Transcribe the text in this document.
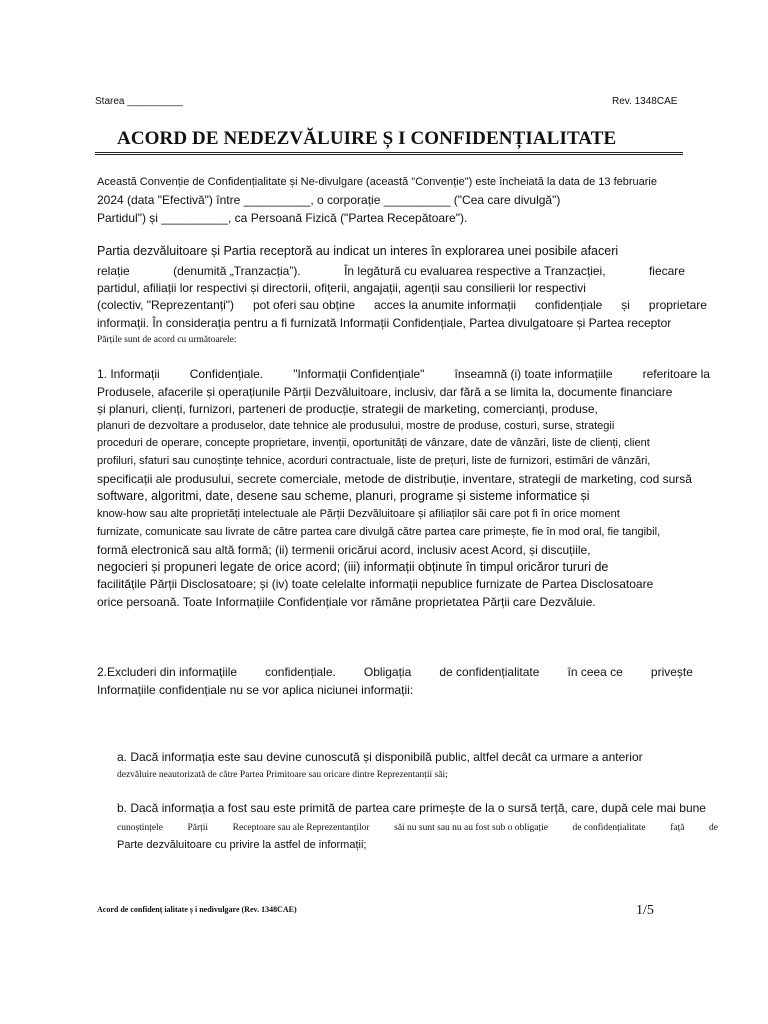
Starea __________	Rev. 1348CAE
ACORD DE NEDEZVĂLUIRE Ș I CONFIDENȚIALITATE
Această Convenție de Confidențialitate și Ne-divulgare (această "Convenție") este încheiată la data de 13 februarie
2024 (data "Efectivă") între __________, o corporație __________ ("Cea care divulgă")
Partidul") și __________, ca Persoană Fizică ("Partea Recepătoare").
Partia dezvăluitoare și Partia receptoră au indicat un interes în explorarea unei posibile afaceri
relație	(denumită „Tranzacția”).	În legătură cu evaluarea respective a Tranzacției,	fiecare
partidul, afiliații lor respectivi și directorii, ofițerii, angajații, agenții sau consilierii lor respectivi
(colectiv, "Reprezentanți") pot oferi sau obține acces la anumite informații confidențiale și proprietare
informații. În considerația pentru a fi furnizată Informații Confidențiale, Partea divulgatoare și Partea receptor
Părțile sunt de acord cu următoarele:
1. Informații	Confidențiale.	"Informații Confidențiale"	înseamnă (i) toate informațiile	referitoare la
Produsele, afacerile și operațiunile Părții Dezvăluitoare, inclusiv, dar fără a se limita la, documente financiare
și planuri, clienți, furnizori, parteneri de producție, strategii de marketing, comercianți, produse,
planuri de dezvoltare a produselor, date tehnice ale produsului, mostre de produse, costuri, surse, strategii
proceduri de operare, concepte proprietare, invenții, oportunități de vânzare, date de vânzări, liste de clienți, client
profiluri, sfaturi sau cunoștințe tehnice, acorduri contractuale, liste de prețuri, liste de furnizori, estimări de vânzări,
specificații ale produsului, secrete comerciale, metode de distribuție, inventare, strategii de marketing, cod sursă
software, algoritmi, date, desene sau scheme, planuri, programe și sisteme informatice și
know-how sau alte proprietăți intelectuale ale Părții Dezvăluitoare și afiliaților săi care pot fi în orice moment
furnizate, comunicate sau livrate de către partea care divulgă către partea care primește, fie în mod oral, fie tangibil,
formă electronică sau altă formă; (ii) termenii oricărui acord, inclusiv acest Acord, și discuțiile,
negocieri și propuneri legate de orice acord; (iii) informații obținute în timpul oricăror tururi de
facilitățile Părții Disclosatoare; și (iv) toate celelalte informații nepublice furnizate de Partea Disclosatoare
orice persoană. Toate Informațiile Confidențiale vor rămâne proprietatea Părții care Dezvăluie.
2.Excluderi din informațiile confidențiale. Obligația de confidențialitate în ceea ce privește
Informațiile confidențiale nu se vor aplica niciunei informații:
a. Dacă informația este sau devine cunoscută și disponibilă public, altfel decât ca urmare a anterior
dezvăluire neautorizată de către Partea Primitoare sau oricare dintre Reprezentanții săi;
b. Dacă informația a fost sau este primită de partea care primește de la o sursă terță, care, după cele mai bune
cunoștințele	Părții	Receptoare sau ale Reprezentanților	săi nu sunt sau nu au fost sub o obligație	de confidențialitate	față	de
Parte dezvăluitoare cu privire la astfel de informații;
Acord de confidenț ialitate ș i nedivulgare (Rev. 1348CAE)	1/5
